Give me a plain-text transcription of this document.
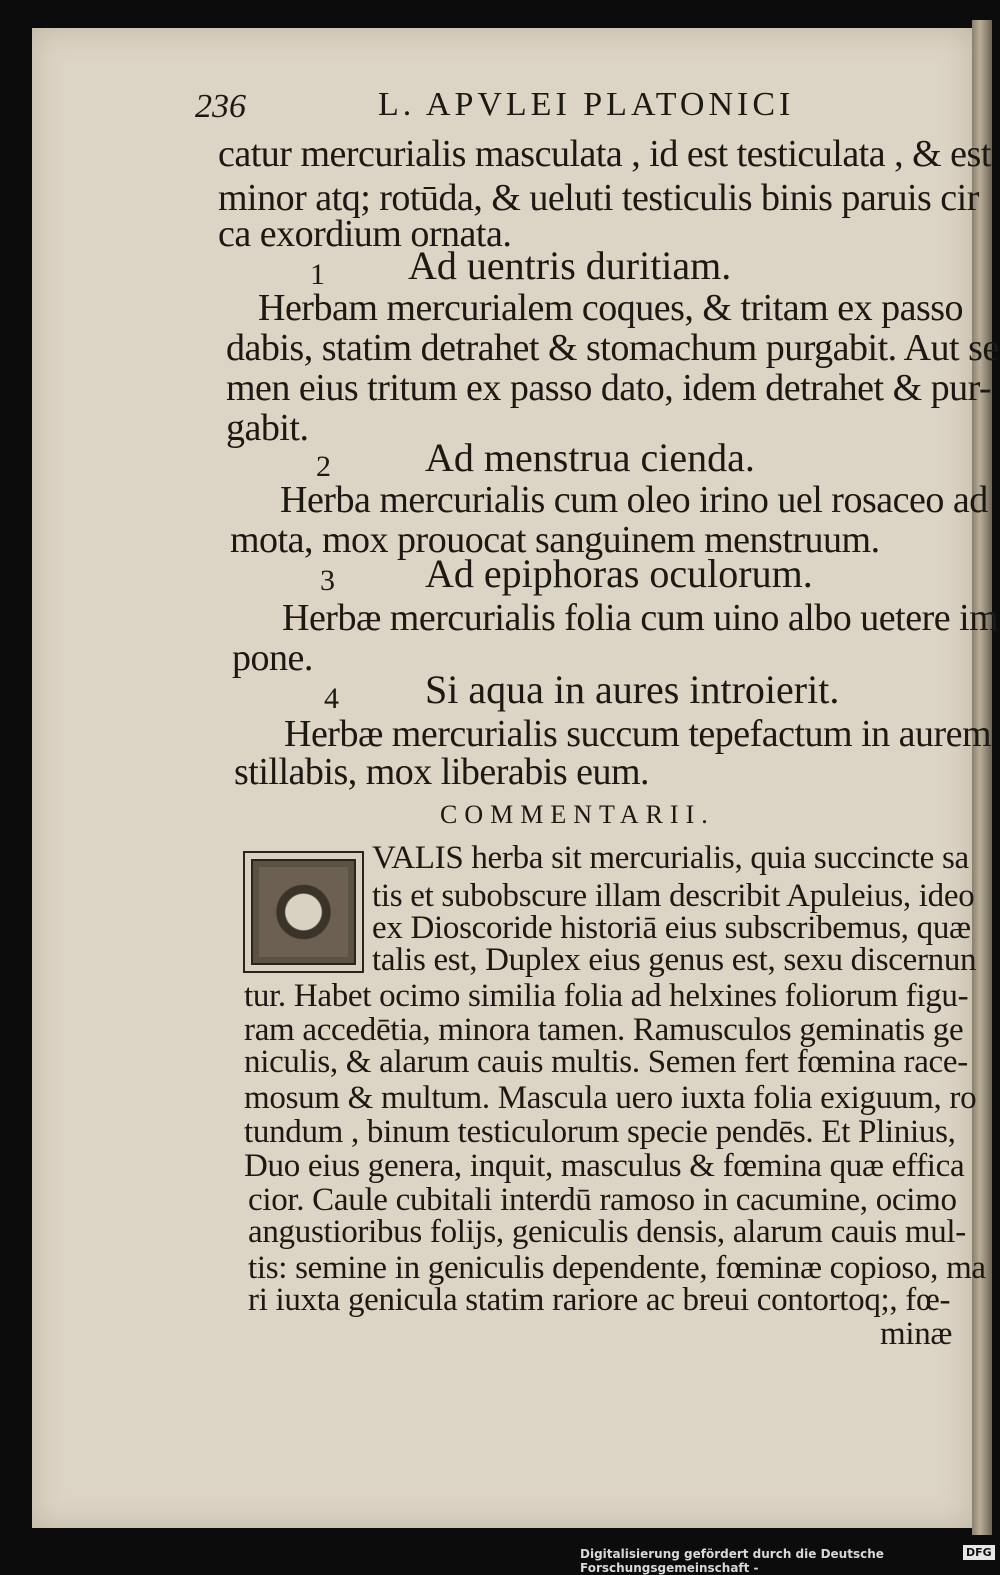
236	L. APVLEI PLATONICI
catur mercurialis masculata , id est testiculata , & est
minor atq; rotūda, & ueluti testiculis binis paruis cir
ca exordium ornata.
1 Ad uentris duritiam.
Herbam mercurialem coques, & tritam ex passo
dabis, statim detrahet & stomachum purgabit. Aut se
men eius tritum ex passo dato, idem detrahet & pur-
gabit.
2 Ad menstrua cienda.
Herba mercurialis cum oleo irino uel rosaceo ad
mota, mox prouocat sanguinem menstruum.
3 Ad epiphoras oculorum.
Herbæ mercurialis folia cum uino albo uetere im
pone.
4 Si aqua in aures introierit.
Herbæ mercurialis succum tepefactum in aurem
stillabis, mox liberabis eum.
COMMENTARII.
VALIS herba sit mercurialis, quia succincte sa
tis et subobscure illam describit Apuleius, ideo
ex Dioscoride historiā eius subscribemus, quæ
talis est, Duplex eius genus est, sexu discernun
tur. Habet ocimo similia folia ad helxines foliorum figu-
ram accedētia, minora tamen. Ramusculos geminatis ge
niculis, & alarum cauis multis. Semen fert fœmina race-
mosum & multum. Mascula uero iuxta folia exiguum, ro
tundum , binum testiculorum specie pendēs. Et Plinius,
Duo eius genera, inquit, masculus & fœmina quæ effica
cior. Caule cubitali interdū ramoso in cacumine, ocimo
angustioribus folijs, geniculis densis, alarum cauis mul-
tis: semine in geniculis dependente, fœminæ copioso, ma
ri iuxta genicula statim rariore ac breui contortoq;, fœ-
minæ
Digitalisierung gefördert durch die Deutsche Forschungsgemeinschaft -
DFG
